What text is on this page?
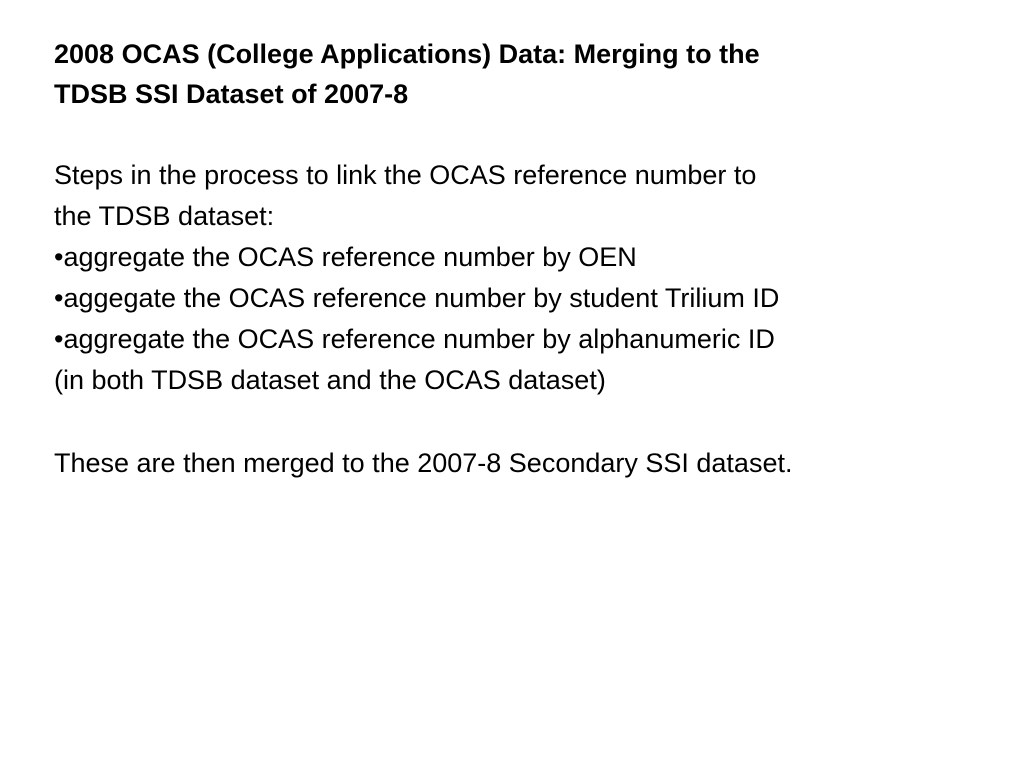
2008 OCAS (College Applications) Data: Merging to the
TDSB SSI Dataset of 2007-8
Steps in the process to link the OCAS reference number to
the TDSB dataset:
•aggregate the OCAS reference number by OEN
•aggegate the OCAS reference number by student Trilium ID
•aggregate the OCAS reference number by alphanumeric ID
(in both TDSB dataset and the OCAS dataset)

These are then merged to the 2007-8 Secondary SSI dataset.
